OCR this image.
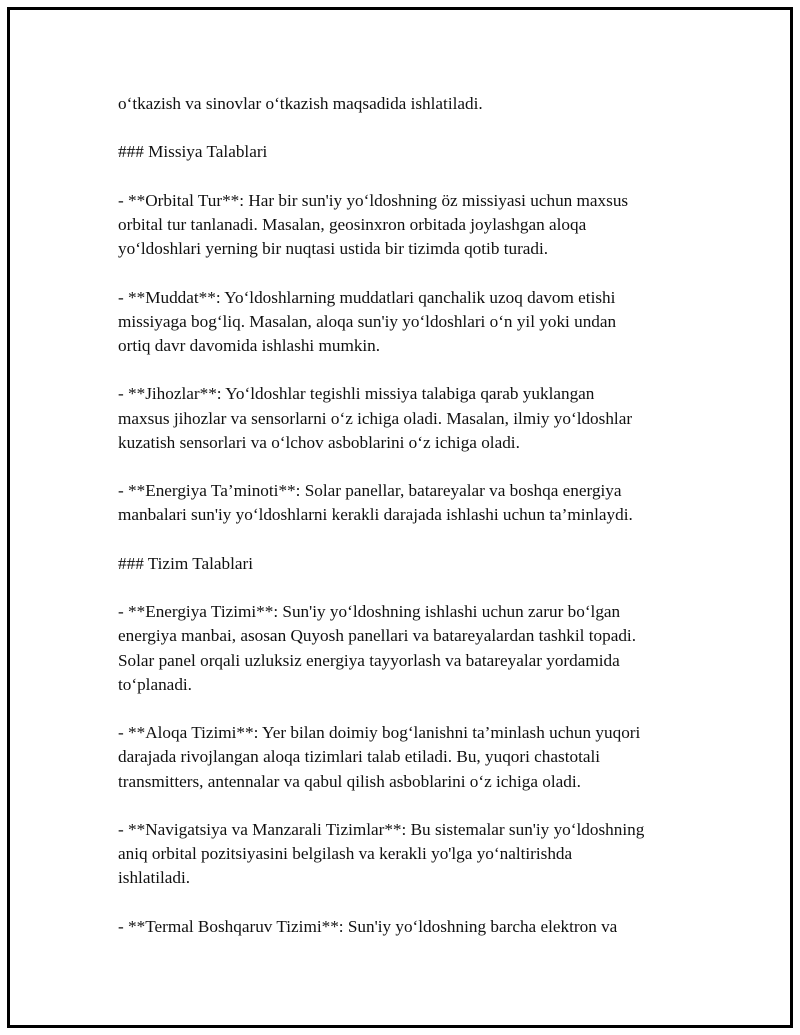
o‘tkazish va sinovlar o‘tkazish maqsadida ishlatiladi.

### Missiya Talablari

- **Orbital Tur**: Har bir sun'iy yo‘ldoshning öz missiyasi uchun maxsus
orbital tur tanlanadi. Masalan, geosinxron orbitada joylashgan aloqa
yo‘ldoshlari yerning bir nuqtasi ustida bir tizimda qotib turadi.

- **Muddat**: Yo‘ldoshlarning muddatlari qanchalik uzoq davom etishi
missiyaga bog‘liq. Masalan, aloqa sun'iy yo‘ldoshlari o‘n yil yoki undan
ortiq davr davomida ishlashi mumkin.

- **Jihozlar**: Yo‘ldoshlar tegishli missiya talabiga qarab yuklangan
maxsus jihozlar va sensorlarni o‘z ichiga oladi. Masalan, ilmiy yo‘ldoshlar
kuzatish sensorlari va o‘lchov asboblarini o‘z ichiga oladi.

- **Energiya Ta’minoti**: Solar panellar, batareyalar va boshqa energiya
manbalari sun'iy yo‘ldoshlarni kerakli darajada ishlashi uchun ta’minlaydi.

### Tizim Talablari

- **Energiya Tizimi**: Sun'iy yo‘ldoshning ishlashi uchun zarur bo‘lgan
energiya manbai, asosan Quyosh panellari va batareyalardan tashkil topadi.
Solar panel orqali uzluksiz energiya tayyorlash va batareyalar yordamida
to‘planadi.

- **Aloqa Tizimi**: Yer bilan doimiy bog‘lanishni ta’minlash uchun yuqori
darajada rivojlangan aloqa tizimlari talab etiladi. Bu, yuqori chastotali
transmitters, antennalar va qabul qilish asboblarini o‘z ichiga oladi.

- **Navigatsiya va Manzarali Tizimlar**: Bu sistemalar sun'iy yo‘ldoshning
aniq orbital pozitsiyasini belgilash va kerakli yo'lga yo‘naltirishda
ishlatiladi.

- **Termal Boshqaruv Tizimi**: Sun'iy yo‘ldoshning barcha elektron va
